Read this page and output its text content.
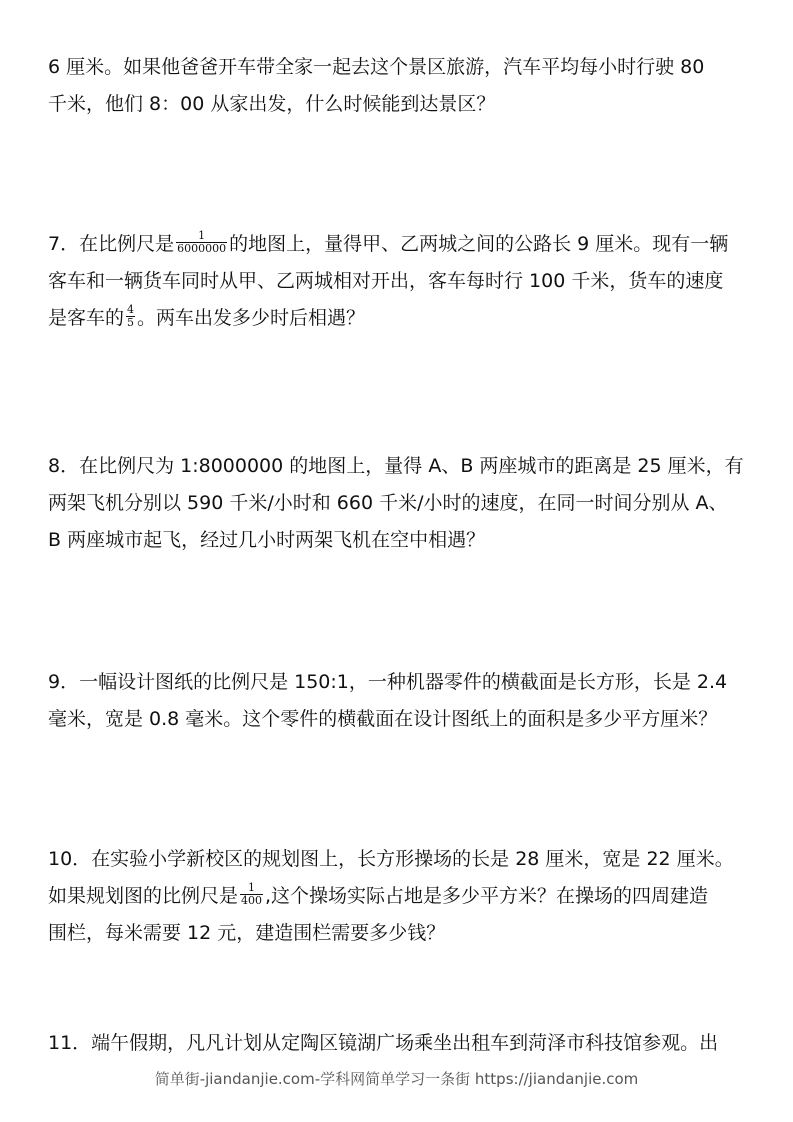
6 厘米。如果他爸爸开车带全家一起去这个景区旅游，汽车平均每小时行驶 80
千米，他们 8：00 从家出发，什么时候能到达景区？
7．在比例尺是 $\frac{1}{6000000}$ 的地图上，量得甲、乙两城之间的公路长 9 厘米。现有一辆
客车和一辆货车同时从甲、乙两城相对开出，客车每时行 100 千米，货车的速度
是客车的 $\frac{4}{5}$ 。两车出发多少时后相遇？
8．在比例尺为 1:8000000 的地图上，量得 A、B 两座城市的距离是 25 厘米，有
两架飞机分别以 590 千米/小时和 660 千米/小时的速度，在同一时间分别从 A、
B 两座城市起飞，经过几小时两架飞机在空中相遇？
9．一幅设计图纸的比例尺是 150:1，一种机器零件的横截面是长方形，长是 2.4
毫米，宽是 0.8 毫米。这个零件的横截面在设计图纸上的面积是多少平方厘米？
10．在实验小学新校区的规划图上，长方形操场的长是 28 厘米，宽是 22 厘米。
如果规划图的比例尺是 $\frac{1}{400}$ ,这个操场实际占地是多少平方米？在操场的四周建造
围栏，每米需要 12 元，建造围栏需要多少钱？
11．端午假期，凡凡计划从定陶区镜湖广场乘坐出租车到菏泽市科技馆参观。出
简单街-jiandanjie.com-学科网简单学习一条街 https://jiandanjie.com
